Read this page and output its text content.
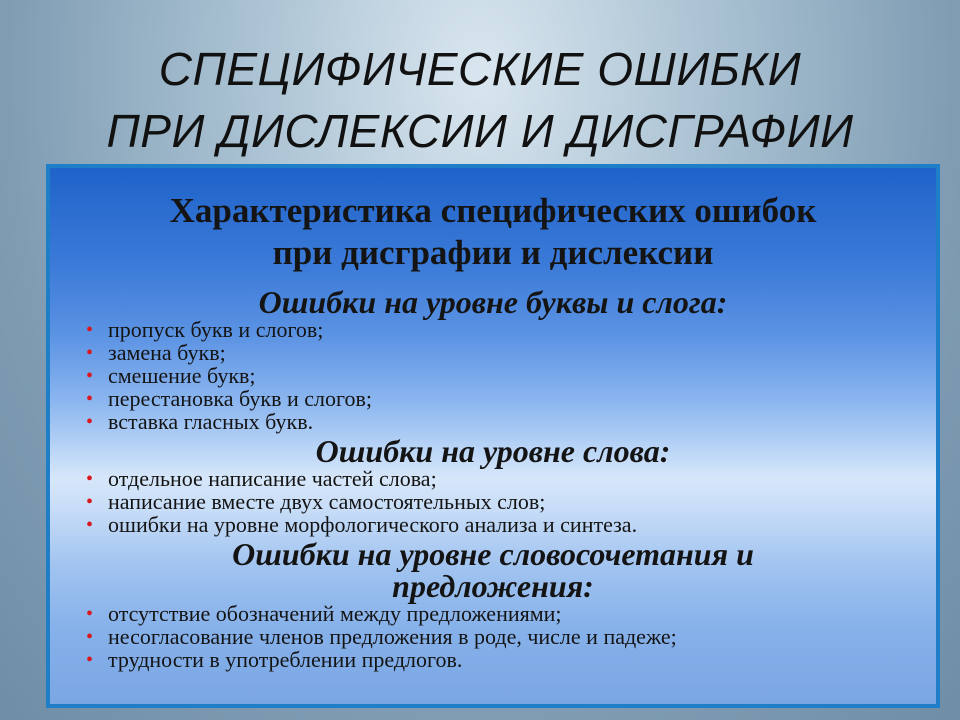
СПЕЦИФИЧЕСКИЕ ОШИБКИ
ПРИ ДИСЛЕКСИИ И ДИСГРАФИИ
Характеристика специфических ошибок
при дисграфии и дислексии
Ошибки на уровне буквы и слога:
• пропуск букв и слогов;
• замена букв;
• смешение букв;
• перестановка букв и слогов;
• вставка гласных букв.
Ошибки на уровне слова:
• отдельное написание частей слова;
• написание вместе двух самостоятельных слов;
• ошибки на уровне морфологического анализа и синтеза.
Ошибки на уровне словосочетания и
предложения:
• отсутствие обозначений между предложениями;
• несогласование членов предложения в роде, числе и падеже;
• трудности в употреблении предлогов.
